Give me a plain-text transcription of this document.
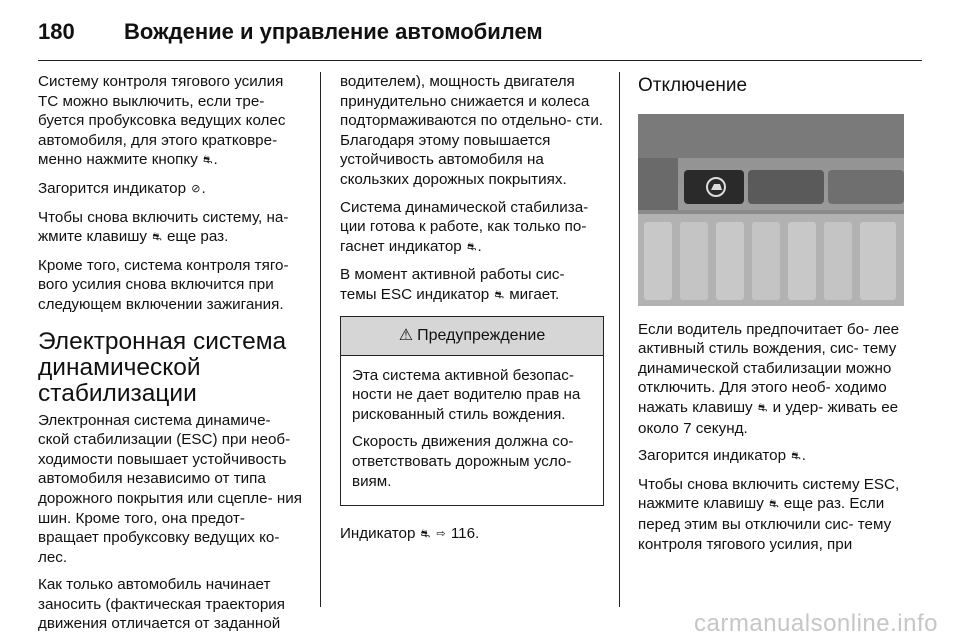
180	Вождение и управление автомобилем

Систему контроля тягового усилия TC можно выключить, если тре- буется пробуксовка ведущих колес автомобиля, для этого кратковре- менно нажмите кнопку ⛐.

Загорится индикатор ⊘.

Чтобы снова включить систему, на- жмите клавишу ⛐ еще раз.

Кроме того, система контроля тяго- вого усилия снова включится при следующем включении зажигания.

Электронная система динамической стабилизации

Электронная система динамиче- ской стабилизации (ESC) при необ- ходимости повышает устойчивость автомобиля независимо от типа дорожного покрытия или сцепле- ния шин. Кроме того, она предот- вращает пробуксовку ведущих ко- лес.

Как только автомобиль начинает заносить (фактическая траектория движения отличается от заданной

водителем), мощность двигателя принудительно снижается и колеса подтормаживаются по отдельно- сти. Благодаря этому повышается устойчивость автомобиля на скользких дорожных покрытиях.

Система динамической стабилиза- ции готова к работе, как только по- гаснет индикатор ⛐.

В момент активной работы сис- темы ESC индикатор ⛐ мигает.

⚠ Предупреждение

Эта система активной безопас- ности не дает водителю прав на рискованный стиль вождения.

Скорость движения должна со- ответствовать дорожным усло- виям.

Индикатор ⛐ ⇨ 116.

Отключение

Если водитель предпочитает бо- лее активный стиль вождения, сис- тему динамической стабилизации можно отключить. Для этого необ- ходимо нажать клавишу ⛐ и удер- живать ее около 7 секунд.

Загорится индикатор ⛐.

Чтобы снова включить систему ESC, нажмите клавишу ⛐ еще раз. Если перед этим вы отключили сис- тему контроля тягового усилия, при

carmanualsonline.info
